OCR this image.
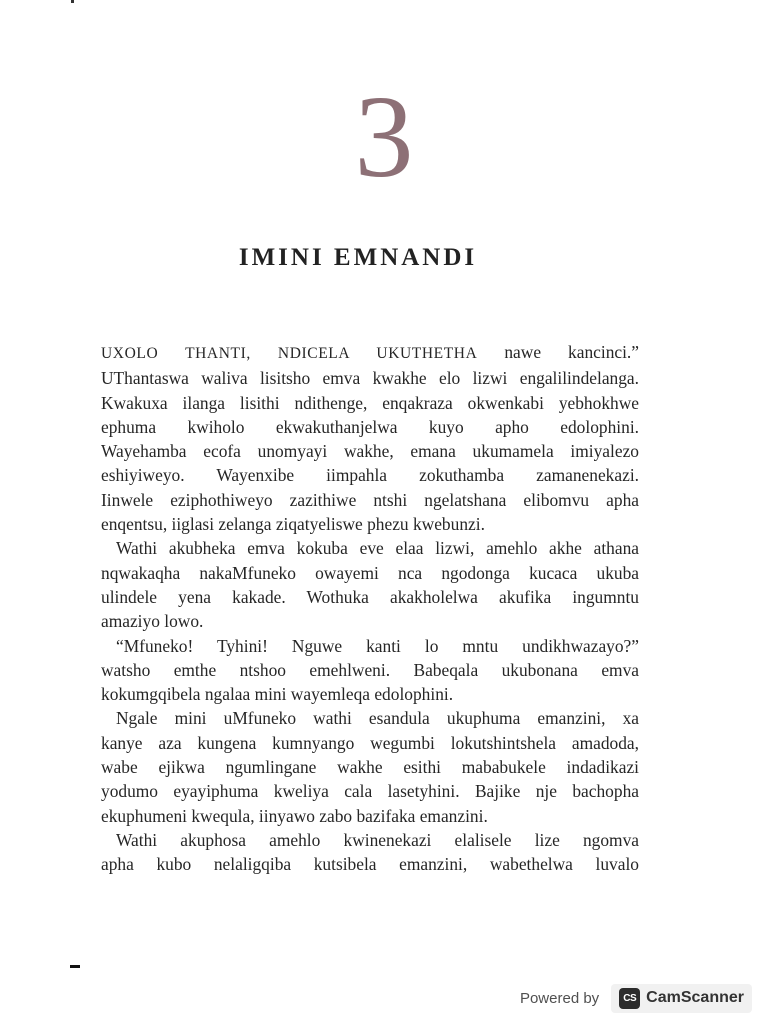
3
IMINI EMNANDI
UXOLO THANTI, NDICELA UKUTHETHA nawe kancinci.”
UThantaswa waliva lisitsho emva kwakhe elo lizwi engalilindelanga.
Kwakuxa ilanga lisithi ndithenge, enqakraza okwenkabi yebhokhwe
ephuma kwiholo ekwakuthanjelwa kuyo apho edolophini.
Wayehamba ecofa unomyayi wakhe, emana ukumamela imiyalezo
eshiyiweyo. Wayenxibe iimpahla zokuthamba zamanenekazi.
Iinwele eziphothiweyo zazithiwe ntshi ngelatshana elibomvu apha
enqentsu, iiglasi zelanga ziqatyeliswe phezu kwebunzi.
Wathi akubheka emva kokuba eve elaa lizwi, amehlo akhe athana
nqwakaqha nakaMfuneko owayemi nca ngodonga kucaca ukuba
ulindele yena kakade. Wothuka akakholelwa akufika ingumntu
amaziyo lowo.
“Mfuneko! Tyhini! Nguwe kanti lo mntu undikhwazayo?”
watsho emthe ntshoo emehlweni. Babeqala ukubonana emva
kokumgqibela ngalaa mini wayemleqa edolophini.
Ngale mini uMfuneko wathi esandula ukuphuma emanzini, xa
kanye aza kungena kumnyango wegumbi lokutshintshela amadoda,
wabe ejikwa ngumlingane wakhe esithi mababukele indadikazi
yodumo eyayiphuma kweliya cala lasetyhini. Bajike nje bachopha
ekuphumeni kwequla, iinyawo zabo bazifaka emanzini.
Wathi akuphosa amehlo kwinenekazi elalisele lize ngomva
apha kubo nelaligqiba kutsibela emanzini, wabethelwa luvalo
Powered by	CS CamScanner
